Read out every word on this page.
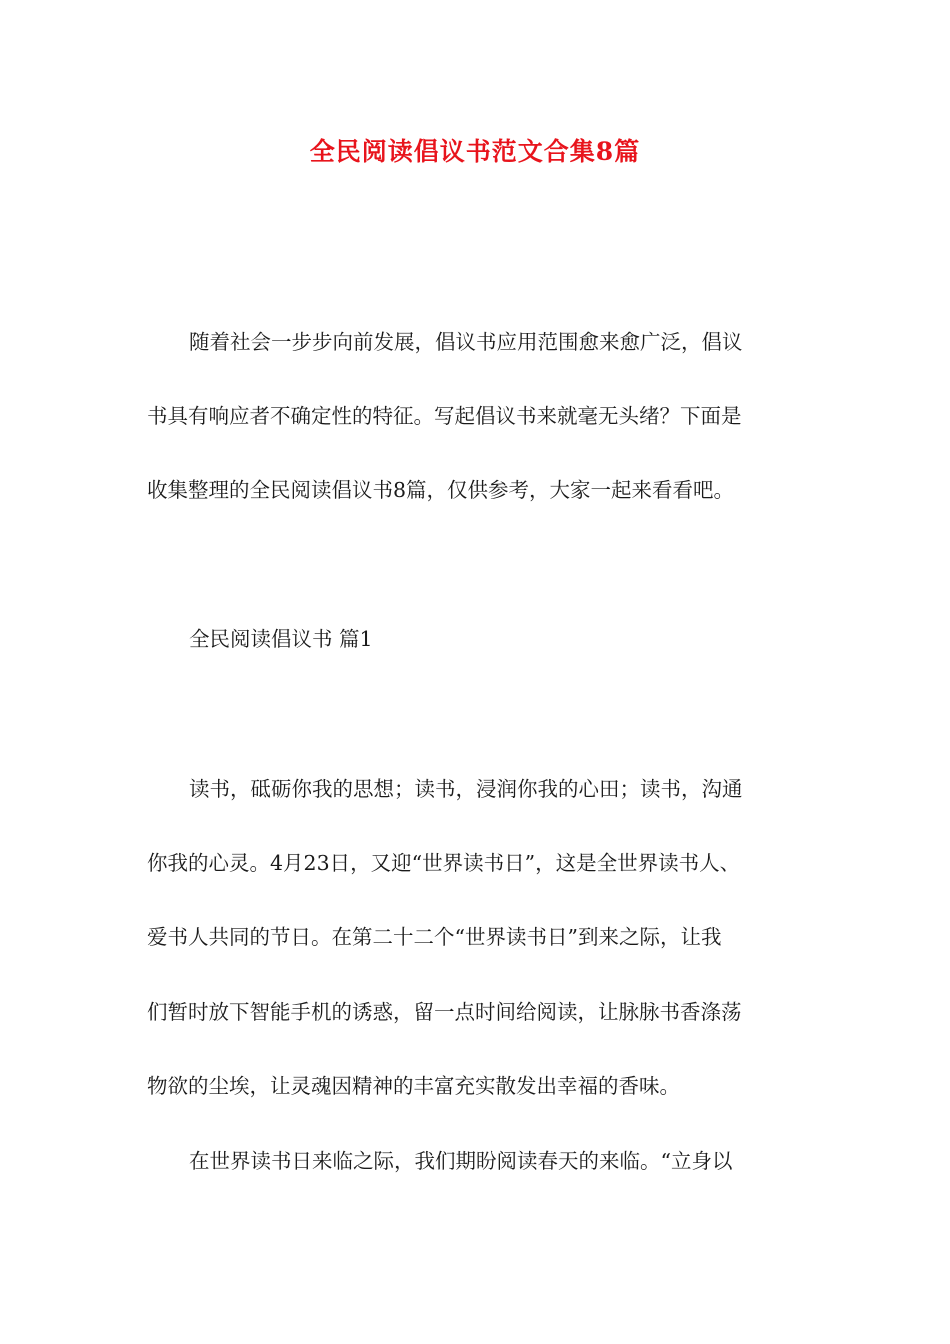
全民阅读倡议书范文合集8篇
随着社会一步步向前发展，倡议书应用范围愈来愈广泛，倡议
书具有响应者不确定性的特征。写起倡议书来就毫无头绪？下面是
收集整理的全民阅读倡议书8篇，仅供参考，大家一起来看看吧。
全民阅读倡议书 篇1
读书，砥砺你我的思想；读书，浸润你我的心田；读书，沟通
你我的心灵。4月23日，又迎“世界读书日”，这是全世界读书人、
爱书人共同的节日。在第二十二个“世界读书日”到来之际，让我
们暂时放下智能手机的诱惑，留一点时间给阅读，让脉脉书香涤荡
物欲的尘埃，让灵魂因精神的丰富充实散发出幸福的香味。
在世界读书日来临之际，我们期盼阅读春天的来临。“立身以
